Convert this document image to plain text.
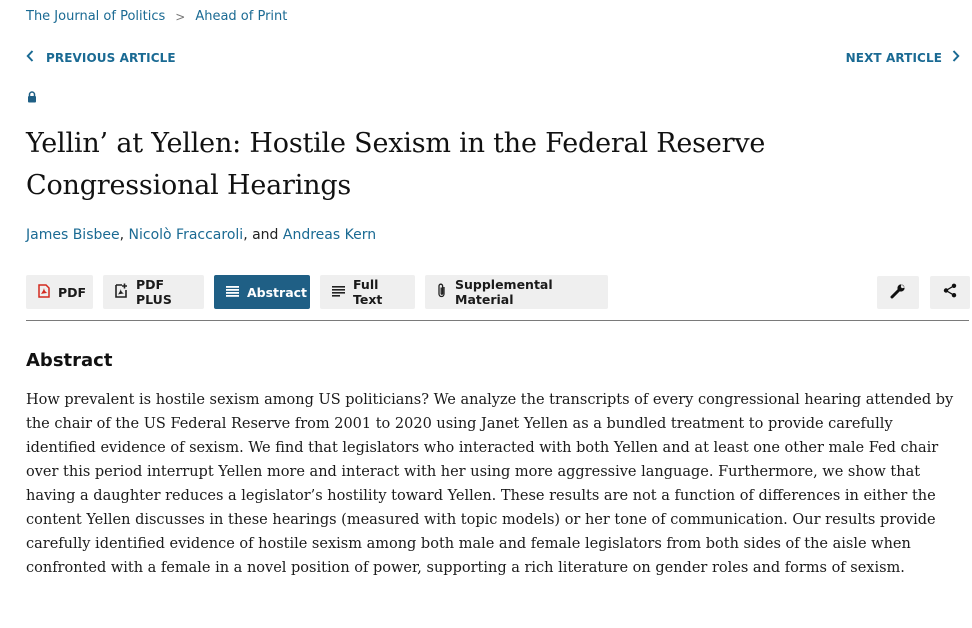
The Journal of Politics > Ahead of Print
PREVIOUS ARTICLE	NEXT ARTICLE
Yellin’ at Yellen: Hostile Sexism in the Federal Reserve Congressional Hearings
James Bisbee, Nicolò Fraccaroli, and Andreas Kern
PDF	PDF PLUS	Abstract	Full Text
Supplemental Material
Abstract

How prevalent is hostile sexism among US politicians? We analyze the transcripts of every congressional hearing attended by the chair of the US Federal Reserve from 2001 to 2020 using Janet Yellen as a bundled treatment to provide carefully identified evidence of sexism. We find that legislators who interacted with both Yellen and at least one other male Fed chair over this period interrupt Yellen more and interact with her using more aggressive language. Furthermore, we show that having a daughter reduces a legislator’s hostility toward Yellen. These results are not a function of differences in either the content Yellen discusses in these hearings (measured with topic models) or her tone of communication. Our results provide carefully identified evidence of hostile sexism among both male and female legislators from both sides of the aisle when confronted with a female in a novel position of power, supporting a rich literature on gender roles and forms of sexism.
